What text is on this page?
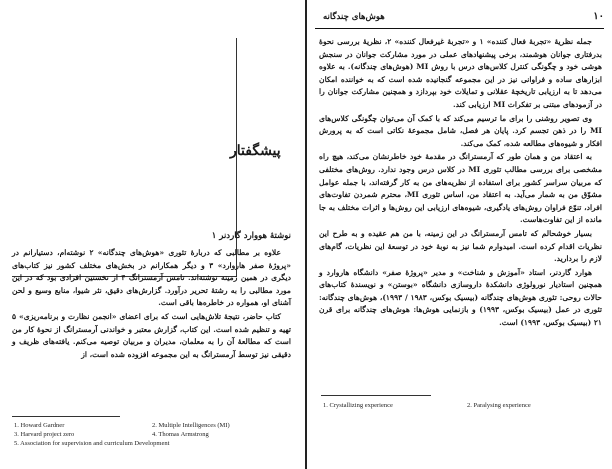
پیشگفتار
نوشتهٔ هووارد گاردنر ۱

علاوه بر مطالبی که دربارهٔ تئوری «هوش‌های چندگانه» ۲ نوشته‌ام، دستیارانم در «پروژهٔ صفر هاروارد» ۳ و دیگر همکارانم در بخش‌های مختلف کشور نیز کتاب‌های دیگری در همین زمینه نوشته‌اند. تامس آرمسترانگ ۴ از نخستین افرادی بود که در این مورد مطالبی را به رشتهٔ تحریر درآورد. گزارش‌های دقیق، نثر شیوا، منابع وسیع و لحن آشنای او، همواره در خاطره‌ها باقی است.

کتاب حاضر، نتیجهٔ تلاش‌هایی است که برای اعضای «انجمن نظارت و برنامه‌ریزی» ۵ تهیه و تنظیم شده است. این کتاب، گزارش معتبر و خواندنی آرمسترانگ از نحوهٔ کار من است که مطالعهٔ آن را به معلمان، مدیران و مربیان توصیه می‌کنم. یافته‌های ظریف و دقیقی نیز توسط آرمسترانگ به این مجموعه افزوده شده است، از

1. Howard Gardner
3. Harvard project zero
5. Association for supervision and curriculum Development
2. Multiple Intelligences (MI)
4. Thomas Armstrong
۱۰
هوش‌های چندگانه

جمله نظریهٔ «تجربهٔ فعال کننده» ۱ و «تجربهٔ غیرفعال کننده» ۲، نظریهٔ بررسی نحوهٔ بدرفتاری جوانان هوشمند، برخی پیشنهادهای عملی در مورد مشارکت جوانان در سنجش هوشی خود و چگونگی کنترل کلاس‌های درس با روش MI (هوش‌های چندگانه). به علاوه ابزارهای ساده و فراوانی نیز در این مجموعه گنجانیده شده است که به خواننده امکان می‌دهد تا به ارزیابی تاریخچهٔ عقلانی و تمایلات خود بپردازد و همچنین مشارکت جوانان را در آزمودهای مبتنی بر تفکرات MI ارزیابی کند.

وی تصویر روشنی را برای ما ترسیم می‌کند که با کمک آن می‌توان چگونگی کلاس‌های MI را در ذهن تجسم کرد. پایان هر فصل، شامل مجموعهٔ نکاتی است که به پرورش افکار و شیوه‌های مطالعه شده، کمک می‌کند.

به اعتقاد من و همان طور که آرمسترانگ در مقدمهٔ خود خاطرنشان می‌کند، هیچ راه مشخصی برای بررسی مطالب تئوری MI در کلاس درس وجود ندارد. روش‌های مختلفی که مربیان سراسر کشور برای استفاده از نظریه‌های من به کار گرفته‌اند، با جمله عوامل مشوّق من به شمار می‌آید. به اعتقاد من، اساس تئوری MI، محترم شمردن تفاوت‌های افراد، تنوّع فراوان روش‌های یادگیری، شیوه‌های ارزیابی این روش‌ها و اثرات مختلف به جا مانده از این تفاوت‌هاست.

بسیار خوشحالم که تامس آرمسترانگ در این زمینه، با من هم عقیده و به طرح این نظریات اقدام کرده است. امیدوارم شما نیز به نوبهٔ خود در توسعهٔ این نظریات، گام‌های لازم را بردارید.

هوارد گاردنر، استاد «آموزش و شناخت» و مدیر «پروژهٔ صفر» دانشگاه هاروارد و همچنین استادیار نورولوژی دانشکدهٔ داروسازی دانشگاه «بوستن» و نویسندهٔ کتاب‌های حالات روحی: تئوری هوش‌های چندگانه (بیسیک بوکس، ۱۹۸۳ / ۱۹۹۳)، هوش‌های چندگانه: تئوری در عمل (بیسیک بوکس، ۱۹۹۳) و بازنمایی هوش‌ها: هوش‌های چندگانه برای قرن ۲۱ (بیسیک بوکس، ۱۹۹۳) است.

1. Crystallizing experience	2. Paralysing experience
